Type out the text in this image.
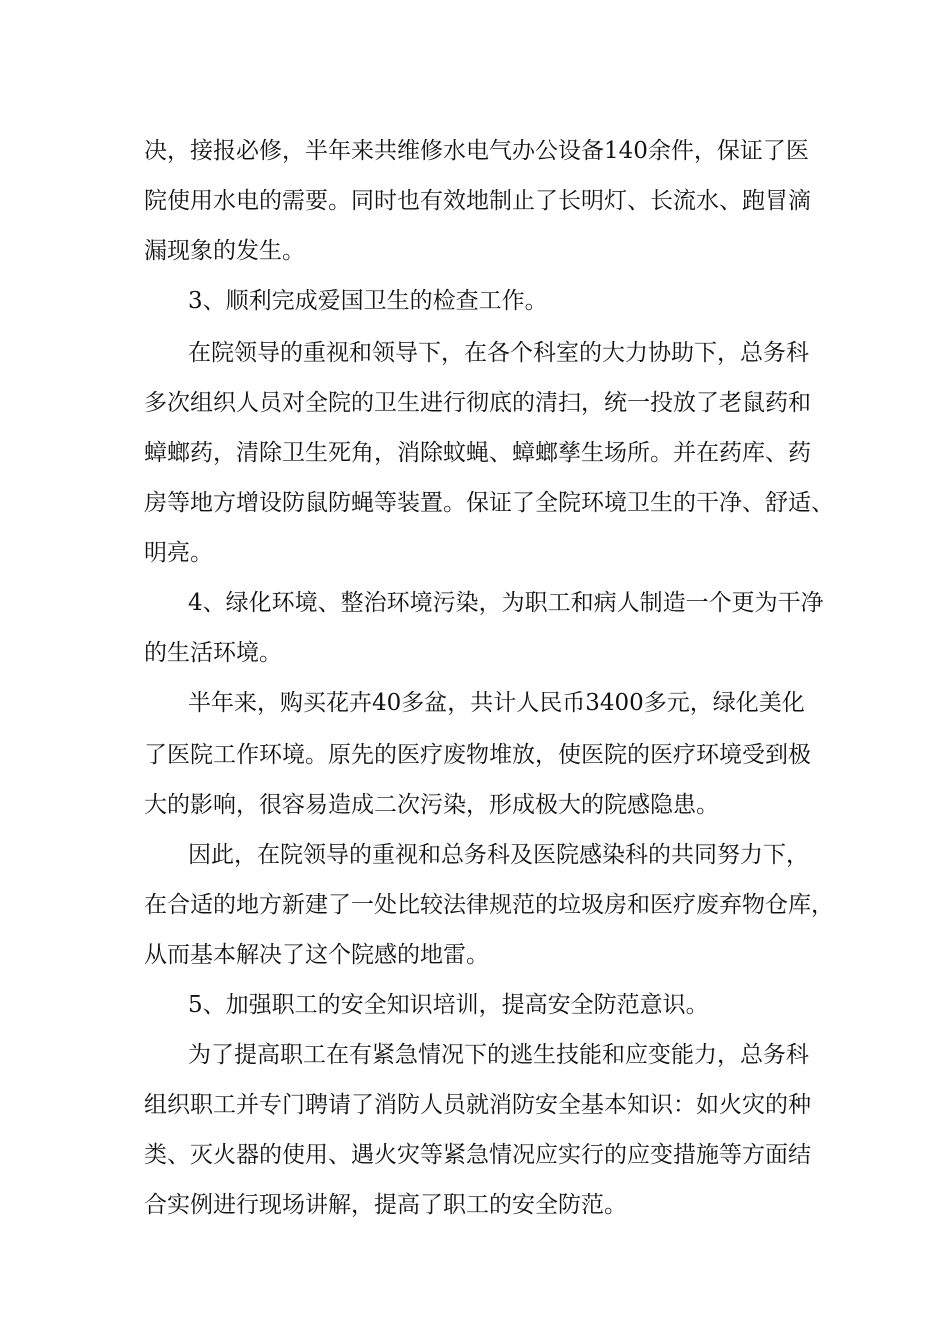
决，接报必修，半年来共维修水电气办公设备140余件，保证了医
院使用水电的需要。同时也有效地制止了长明灯、长流水、跑冒滴
漏现象的发生。
3、顺利完成爱国卫生的检查工作。
在院领导的重视和领导下，在各个科室的大力协助下，总务科
多次组织人员对全院的卫生进行彻底的清扫，统一投放了老鼠药和
蟑螂药，清除卫生死角，消除蚊蝇、蟑螂孳生场所。并在药库、药
房等地方增设防鼠防蝇等装置。保证了全院环境卫生的干净、舒适、
明亮。
4、绿化环境、整治环境污染，为职工和病人制造一个更为干净
的生活环境。
半年来，购买花卉40多盆，共计人民币3400多元，绿化美化
了医院工作环境。原先的医疗废物堆放，使医院的医疗环境受到极
大的影响，很容易造成二次污染，形成极大的院感隐患。
因此，在院领导的重视和总务科及医院感染科的共同努力下，
在合适的地方新建了一处比较法律规范的垃圾房和医疗废弃物仓库，
从而基本解决了这个院感的地雷。
5、加强职工的安全知识培训，提高安全防范意识。
为了提高职工在有紧急情况下的逃生技能和应变能力，总务科
组织职工并专门聘请了消防人员就消防安全基本知识：如火灾的种
类、灭火器的使用、遇火灾等紧急情况应实行的应变措施等方面结
合实例进行现场讲解，提高了职工的安全防范。
